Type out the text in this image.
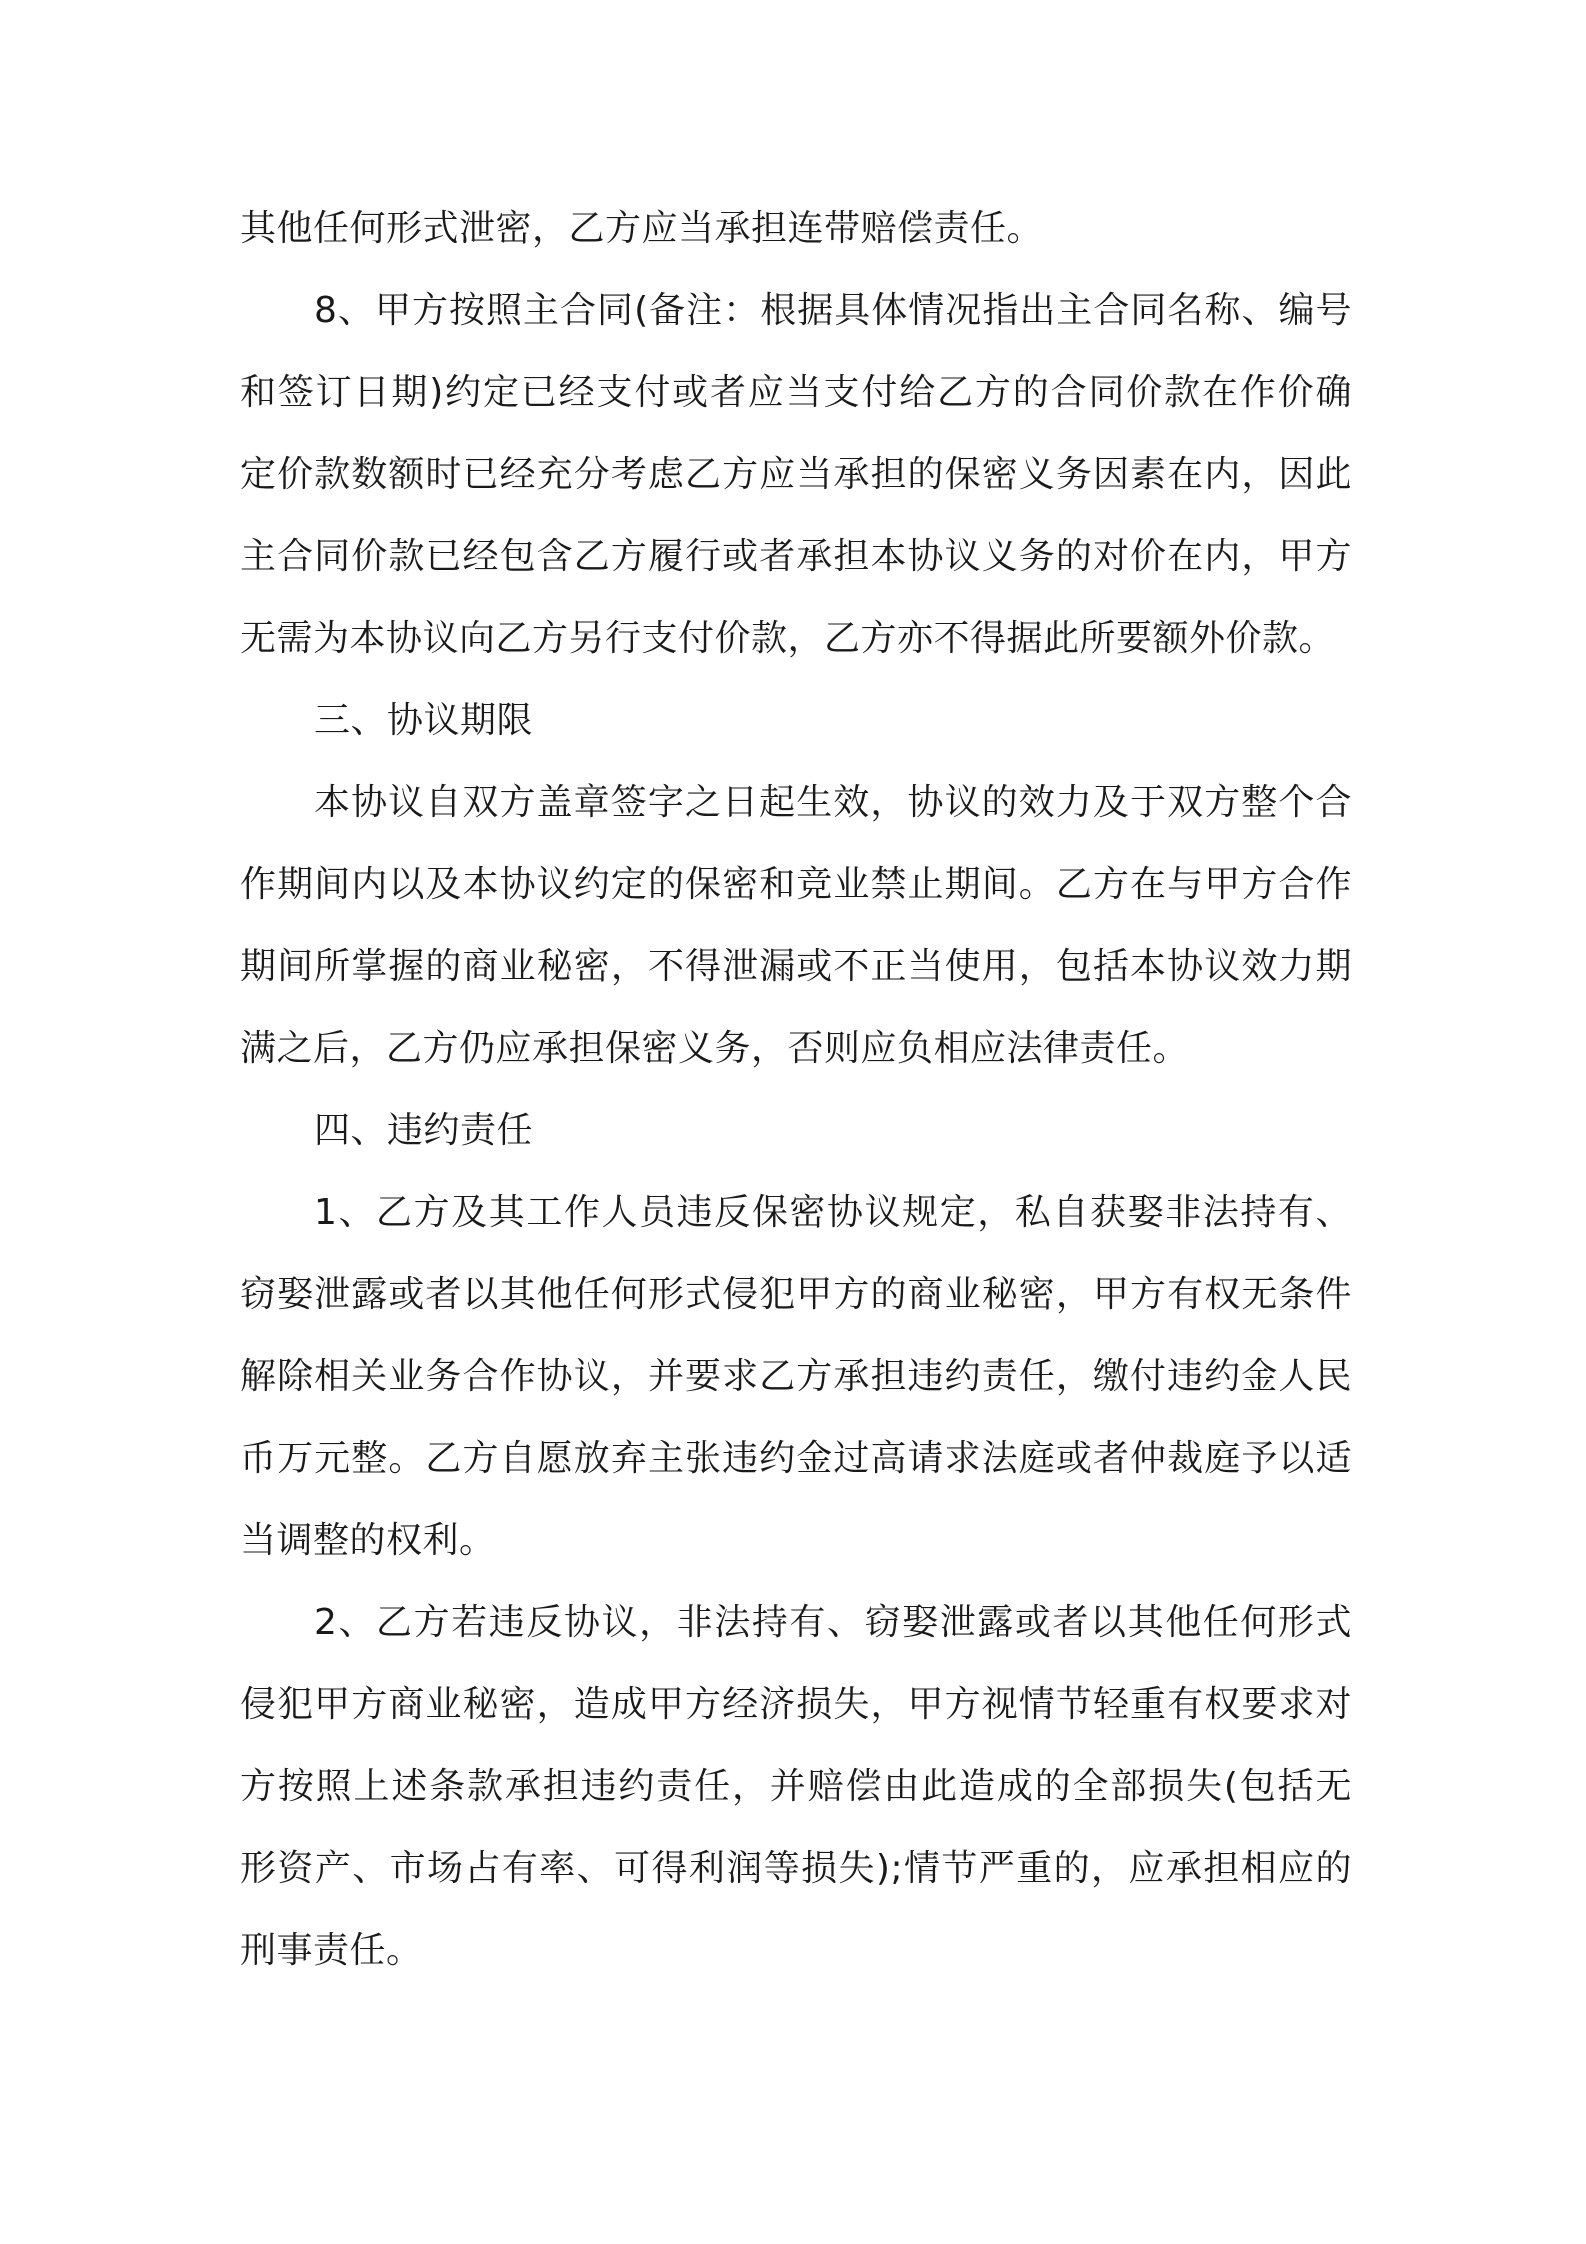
其他任何形式泄密，乙方应当承担连带赔偿责任。
8、甲方按照主合同(备注：根据具体情况指出主合同名称、编号
和签订日期)约定已经支付或者应当支付给乙方的合同价款在作价确
定价款数额时已经充分考虑乙方应当承担的保密义务因素在内，因此
主合同价款已经包含乙方履行或者承担本协议义务的对价在内，甲方
无需为本协议向乙方另行支付价款，乙方亦不得据此所要额外价款。
三、协议期限
本协议自双方盖章签字之日起生效，协议的效力及于双方整个合
作期间内以及本协议约定的保密和竞业禁止期间。乙方在与甲方合作
期间所掌握的商业秘密，不得泄漏或不正当使用，包括本协议效力期
满之后，乙方仍应承担保密义务，否则应负相应法律责任。
四、违约责任
1、乙方及其工作人员违反保密协议规定，私自获娶非法持有、
窃娶泄露或者以其他任何形式侵犯甲方的商业秘密，甲方有权无条件
解除相关业务合作协议，并要求乙方承担违约责任，缴付违约金人民
币万元整。乙方自愿放弃主张违约金过高请求法庭或者仲裁庭予以适
当调整的权利。
2、乙方若违反协议，非法持有、窃娶泄露或者以其他任何形式
侵犯甲方商业秘密，造成甲方经济损失，甲方视情节轻重有权要求对
方按照上述条款承担违约责任，并赔偿由此造成的全部损失(包括无
形资产、市场占有率、可得利润等损失);情节严重的，应承担相应的
刑事责任。
